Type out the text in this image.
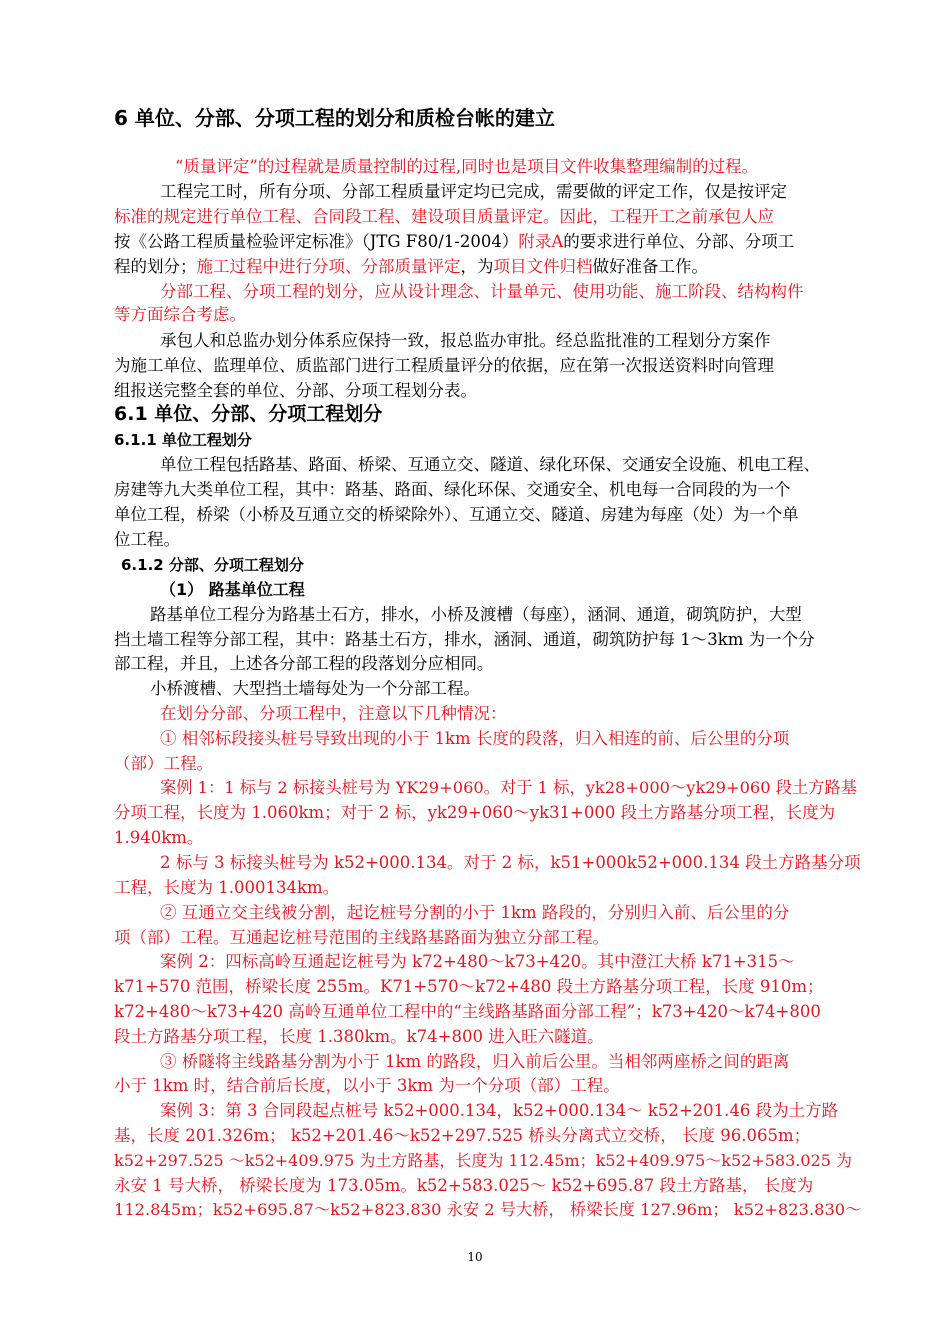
6 单位、分部、分项工程的划分和质检台帐的建立
“质量评定”的过程就是质量控制的过程,同时也是项目文件收集整理编制的过程。
工程完工时，所有分项、分部工程质量评定均已完成，需要做的评定工作，仅是按评定
标准的规定进行单位工程、合同段工程、建设项目质量评定。因此，工程开工之前承包人应
按《公路工程质量检验评定标准》（JTG F80/1-2004）附录A的要求进行单位、分部、分项工
程的划分；施工过程中进行分项、分部质量评定，为项目文件归档做好准备工作。
分部工程、分项工程的划分，应从设计理念、计量单元、使用功能、施工阶段、结构构件
等方面综合考虑。
承包人和总监办划分体系应保持一致，报总监办审批。经总监批准的工程划分方案作
为施工单位、监理单位、质监部门进行工程质量评分的依据，应在第一次报送资料时向管理
组报送完整全套的单位、分部、分项工程划分表。
6.1 单位、分部、分项工程划分
6.1.1 单位工程划分
单位工程包括路基、路面、桥梁、互通立交、隧道、绿化环保、交通安全设施、机电工程、
房建等九大类单位工程，其中：路基、路面、绿化环保、交通安全、机电每一合同段的为一个
单位工程，桥梁（小桥及互通立交的桥梁除外）、互通立交、隧道、房建为每座（处）为一个单
位工程。
6.1.2 分部、分项工程划分
（1） 路基单位工程
路基单位工程分为路基土石方，排水，小桥及渡槽（每座），涵洞、通道，砌筑防护，大型
挡土墙工程等分部工程，其中：路基土石方，排水，涵洞、通道，砌筑防护每 1～3km 为一个分
部工程，并且，上述各分部工程的段落划分应相同。
小桥渡槽、大型挡土墙每处为一个分部工程。
在划分分部、分项工程中，注意以下几种情况：
① 相邻标段接头桩号导致出现的小于 1km 长度的段落，归入相连的前、后公里的分项
（部）工程。
案例 1：1 标与 2 标接头桩号为 YK29+060。对于 1 标，yk28+000～yk29+060 段土方路基
分项工程，长度为 1.060km；对于 2 标，yk29+060～yk31+000 段土方路基分项工程，长度为
1.940km。
2 标与 3 标接头桩号为 k52+000.134。对于 2 标，k51+000k52+000.134 段土方路基分项
工程，长度为 1.000134km。
② 互通立交主线被分割，起讫桩号分割的小于 1km 路段的，分别归入前、后公里的分
项（部）工程。互通起讫桩号范围的主线路基路面为独立分部工程。
案例 2：四标高岭互通起讫桩号为 k72+480～k73+420。其中澄江大桥 k71+315～
k71+570 范围，桥梁长度 255m。K71+570～k72+480 段土方路基分项工程，长度 910m；
k72+480～k73+420 高岭互通单位工程中的“主线路基路面分部工程”；k73+420～k74+800
段土方路基分项工程，长度 1.380km。k74+800 进入旺六隧道。
③ 桥隧将主线路基分割为小于 1km 的路段，归入前后公里。当相邻两座桥之间的距离
小于 1km 时，结合前后长度，以小于 3km 为一个分项（部）工程。
案例 3：第 3 合同段起点桩号 k52+000.134，k52+000.134～ k52+201.46 段为土方路
基，长度 201.326m； k52+201.46～k52+297.525 桥头分离式立交桥， 长度 96.065m；
k52+297.525 ～k52+409.975 为土方路基，长度为 112.45m；k52+409.975～k52+583.025 为
永安 1 号大桥， 桥梁长度为 173.05m。k52+583.025～ k52+695.87 段土方路基， 长度为
112.845m；k52+695.87～k52+823.830 永安 2 号大桥， 桥梁长度 127.96m； k52+823.830～
10
